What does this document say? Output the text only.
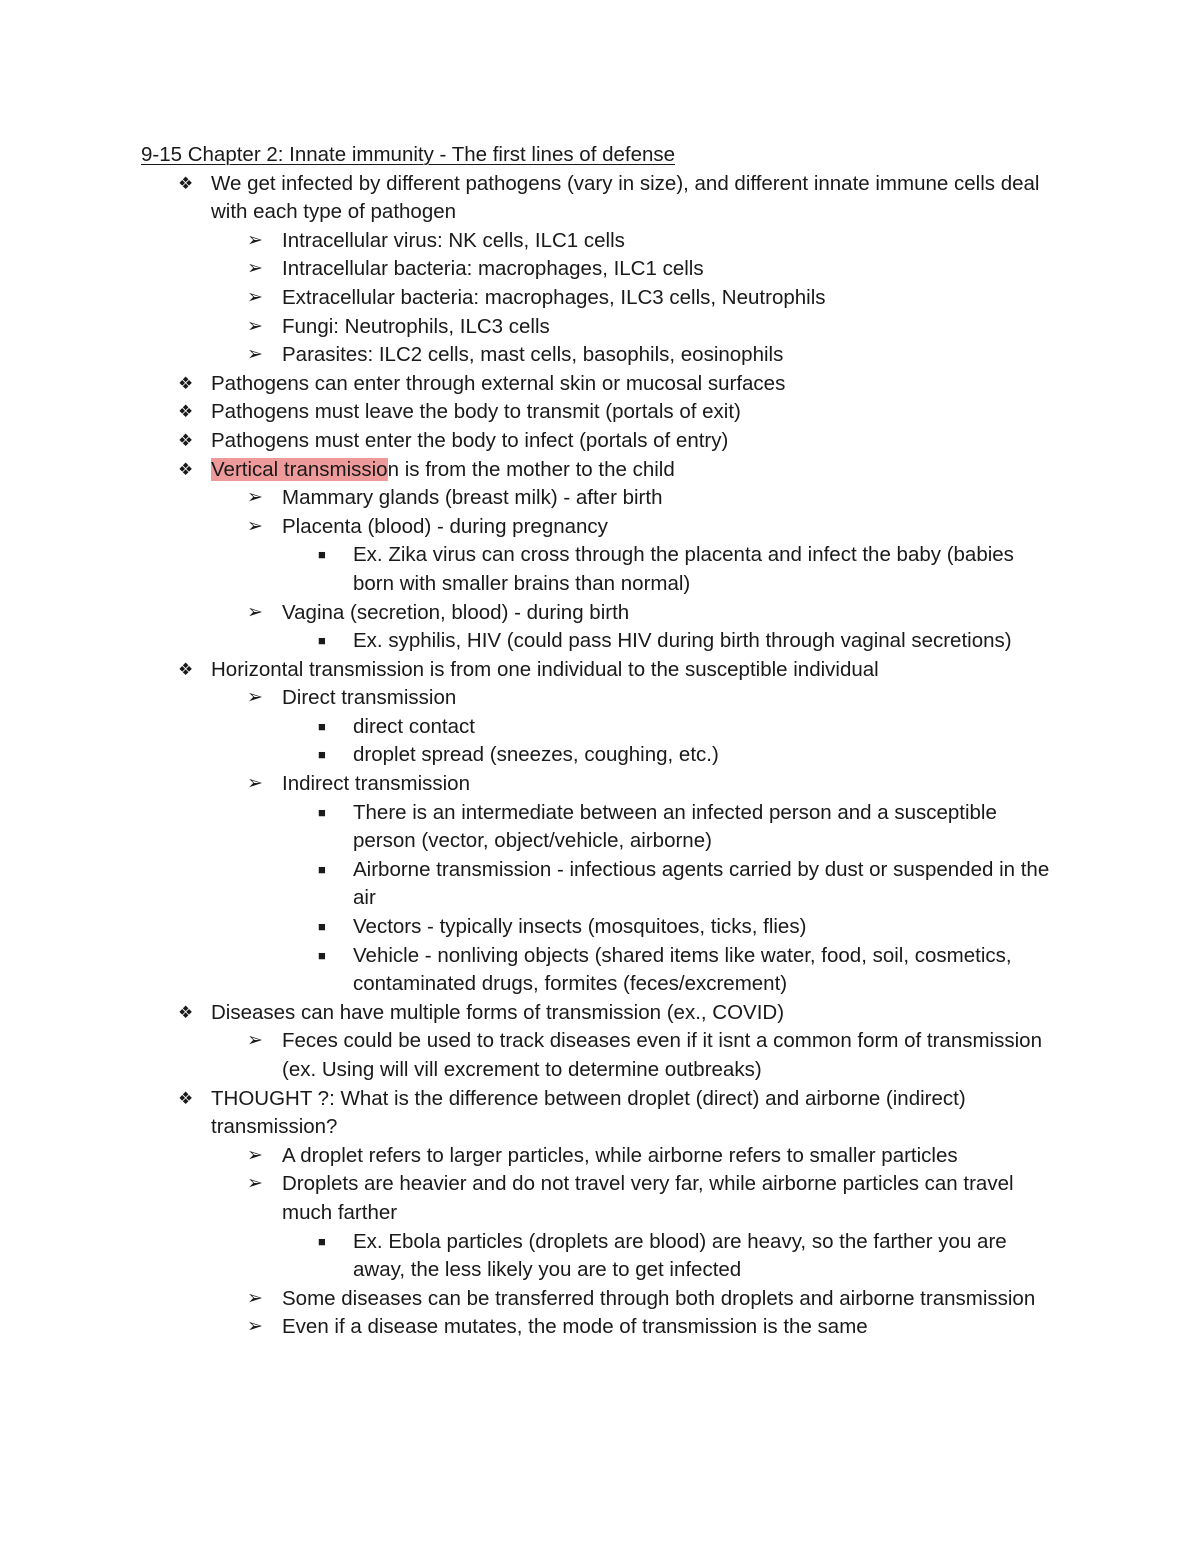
9-15 Chapter 2: Innate immunity - The first lines of defense
❖ We get infected by different pathogens (vary in size), and different innate immune cells deal with each type of pathogen
➢ Intracellular virus: NK cells, ILC1 cells
➢ Intracellular bacteria: macrophages, ILC1 cells
➢ Extracellular bacteria: macrophages, ILC3 cells, Neutrophils
➢ Fungi: Neutrophils, ILC3 cells
➢ Parasites: ILC2 cells, mast cells, basophils, eosinophils
❖ Pathogens can enter through external skin or mucosal surfaces
❖ Pathogens must leave the body to transmit (portals of exit)
❖ Pathogens must enter the body to infect (portals of entry)
❖ Vertical transmission is from the mother to the child
➢ Mammary glands (breast milk) - after birth
➢ Placenta (blood) - during pregnancy
■	Ex. Zika virus can cross through the placenta and infect the baby (babies born with smaller brains than normal)
➢ Vagina (secretion, blood) - during birth
■	Ex. syphilis, HIV (could pass HIV during birth through vaginal secretions)
❖ Horizontal transmission is from one individual to the susceptible individual
➢ Direct transmission
■	direct contact
■	droplet spread (sneezes, coughing, etc.)
➢ Indirect transmission
■	There is an intermediate between an infected person and a susceptible person (vector, object/vehicle, airborne)
■	Airborne transmission - infectious agents carried by dust or suspended in the air
■	Vectors - typically insects (mosquitoes, ticks, flies)
■	Vehicle - nonliving objects (shared items like water, food, soil, cosmetics, contaminated drugs, formites (feces/excrement)
❖ Diseases can have multiple forms of transmission (ex., COVID)
➢ Feces could be used to track diseases even if it isnt a common form of transmission (ex. Using will vill excrement to determine outbreaks)
❖ THOUGHT ?: What is the difference between droplet (direct) and airborne (indirect) transmission?
➢ A droplet refers to larger particles, while airborne refers to smaller particles
➢ Droplets are heavier and do not travel very far, while airborne particles can travel much farther
■	Ex. Ebola particles (droplets are blood) are heavy, so the farther you are away, the less likely you are to get infected
➢ Some diseases can be transferred through both droplets and airborne transmission
➢ Even if a disease mutates, the mode of transmission is the same
